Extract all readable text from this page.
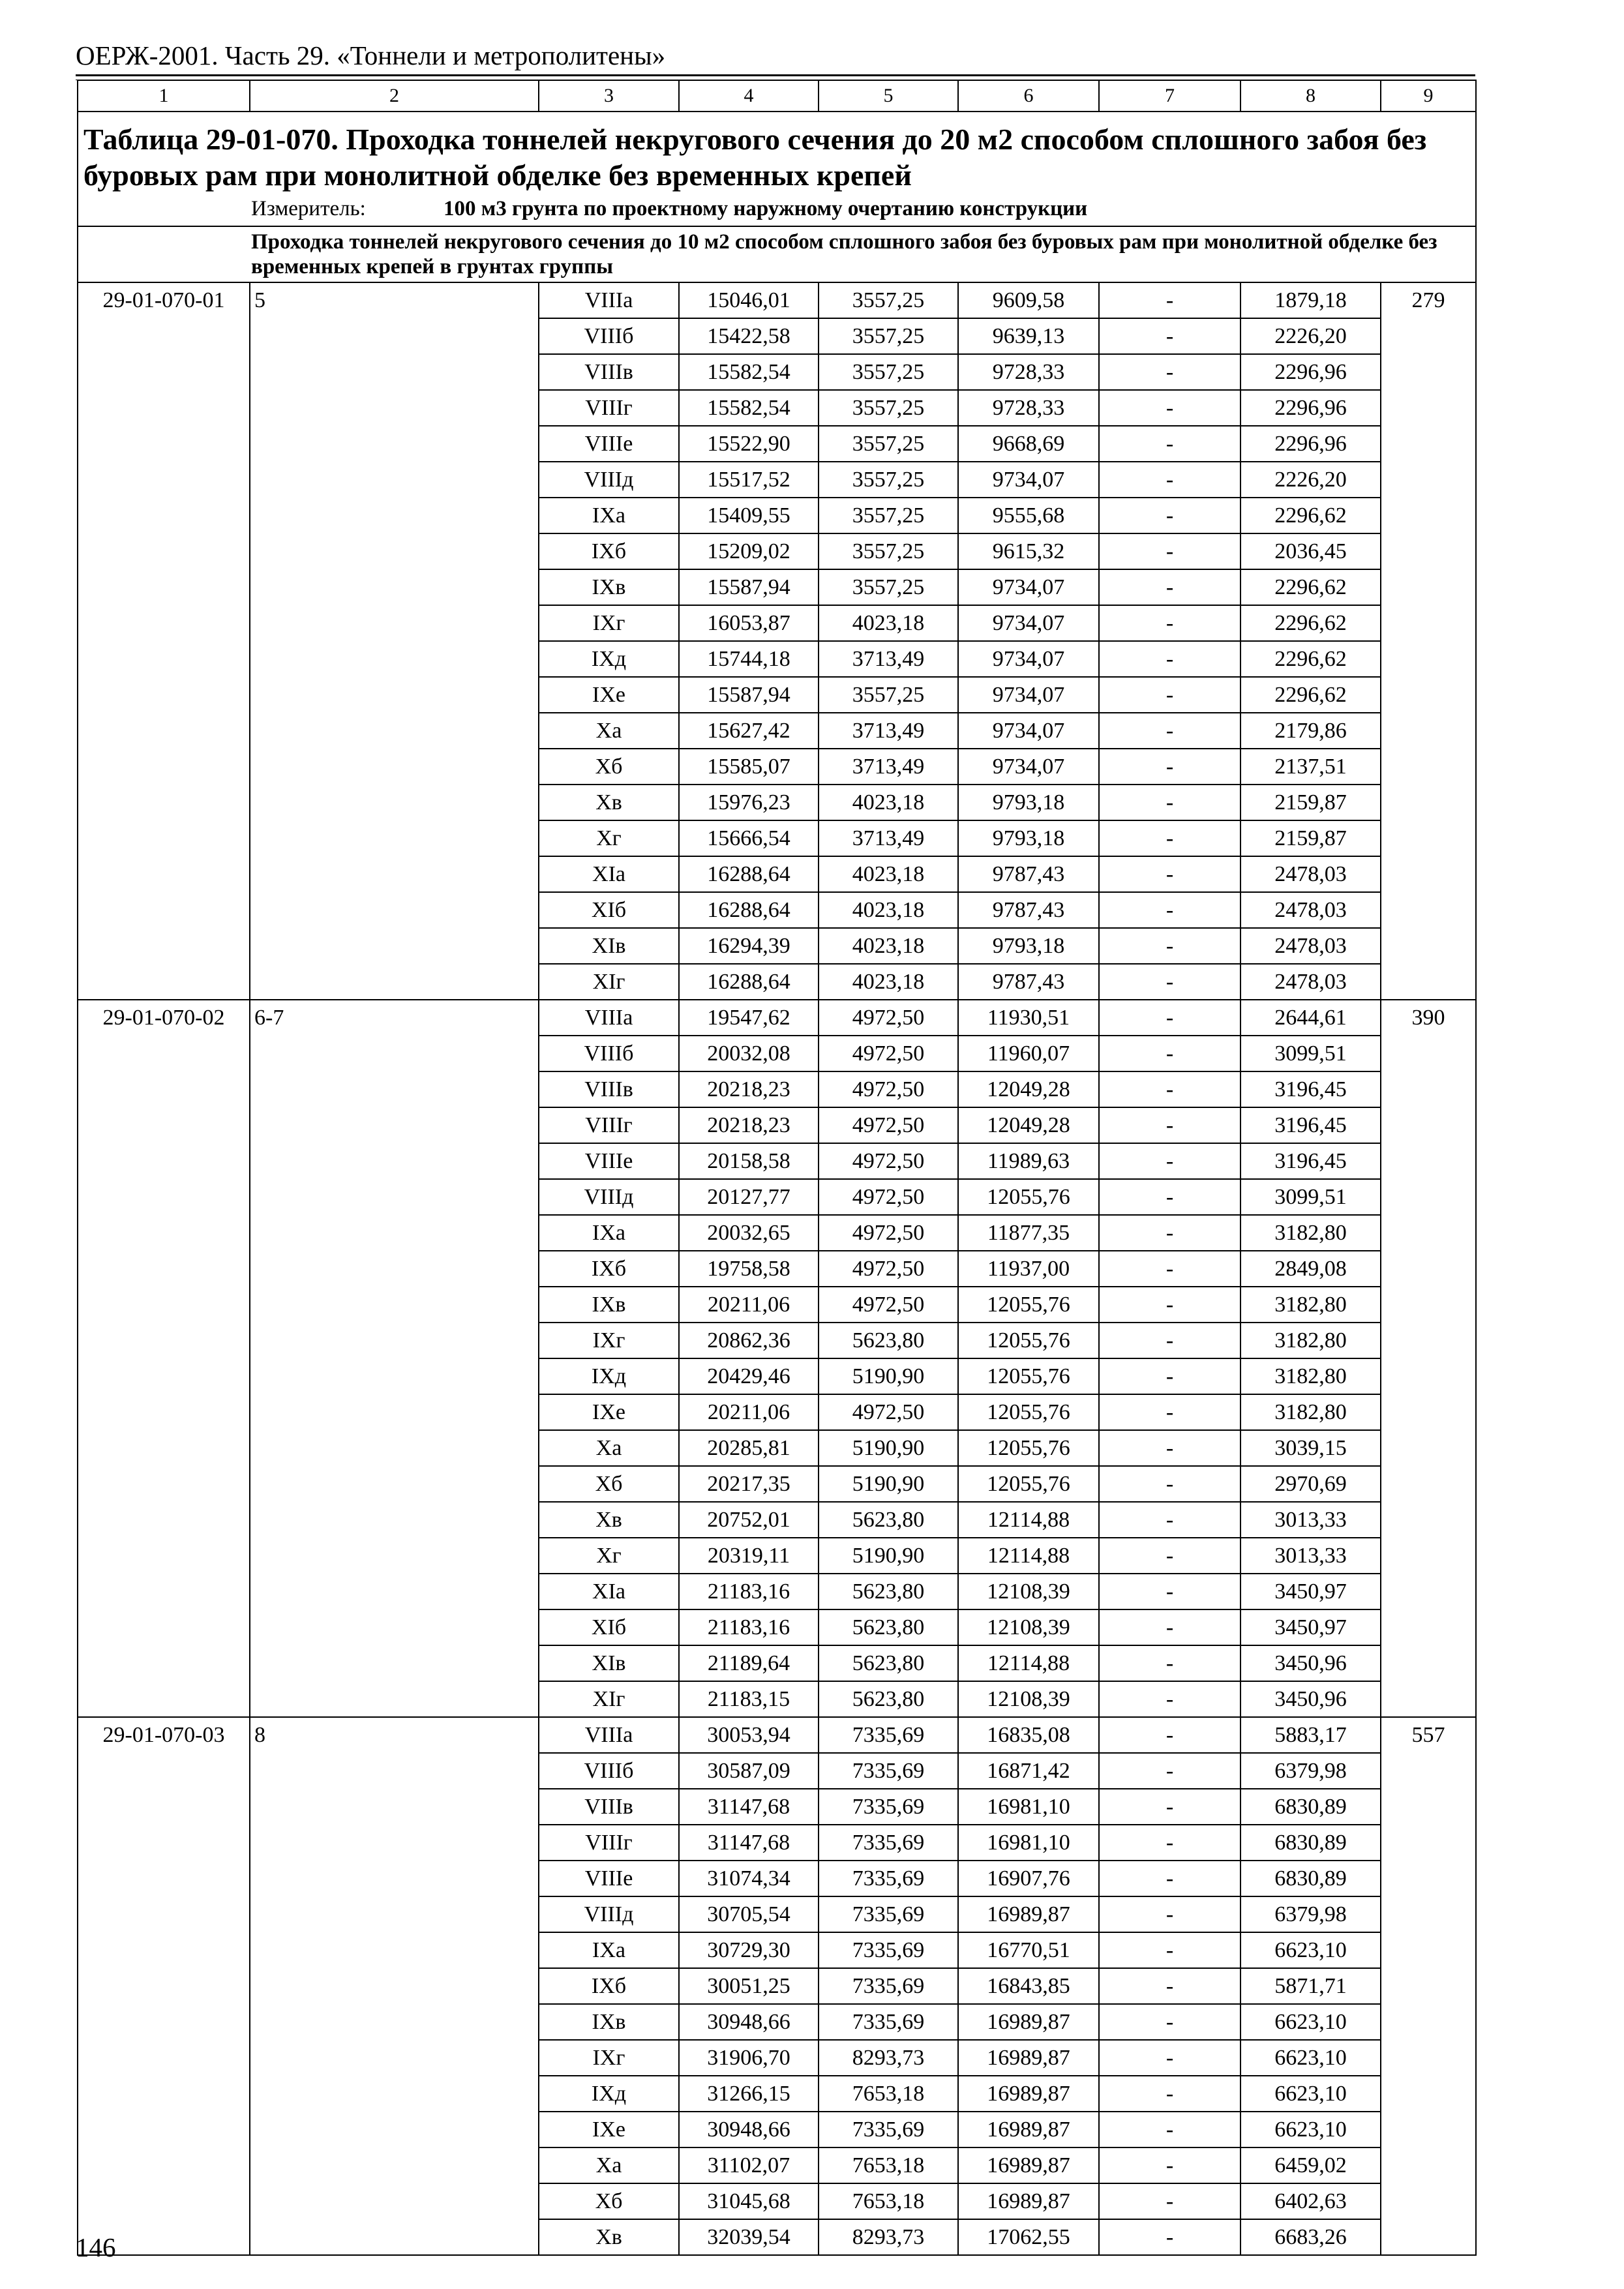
ОЕРЖ-2001. Часть 29. «Тоннели и метрополитены»
1	2	3	4	5	6	7	8	9

Таблица 29-01-070. Проходка тоннелей некругового сечения до 20 м2 способом сплошного забоя без буровых рам при монолитной обделке без временных крепей
Измеритель: 100 м3 грунта по проектному наружному очертанию конструкции								

Проходка тоннелей некругового сечения до 10 м2 способом сплошного забоя без буровых рам при монолитной обделке без временных крепей в грунтах группы								
29-01-070-01	5	VIIIа	15046,01	3557,25	9609,58	-	1879,18	279
		VIIIб	15422,58	3557,25	9639,13	-	2226,20	
		VIIIв	15582,54	3557,25	9728,33	-	2296,96	
		VIIIг	15582,54	3557,25	9728,33	-	2296,96	
		VIIIе	15522,90	3557,25	9668,69	-	2296,96	
		VIIIд	15517,52	3557,25	9734,07	-	2226,20	
		IXа	15409,55	3557,25	9555,68	-	2296,62	
		IXб	15209,02	3557,25	9615,32	-	2036,45	
		IXв	15587,94	3557,25	9734,07	-	2296,62	
		IXг	16053,87	4023,18	9734,07	-	2296,62	
		IXд	15744,18	3713,49	9734,07	-	2296,62	
		IXе	15587,94	3557,25	9734,07	-	2296,62	
		Xа	15627,42	3713,49	9734,07	-	2179,86	
		Xб	15585,07	3713,49	9734,07	-	2137,51	
		Xв	15976,23	4023,18	9793,18	-	2159,87	
		Xг	15666,54	3713,49	9793,18	-	2159,87	
		XIа	16288,64	4023,18	9787,43	-	2478,03	
		XIб	16288,64	4023,18	9787,43	-	2478,03	
		XIв	16294,39	4023,18	9793,18	-	2478,03	
		XIг	16288,64	4023,18	9787,43	-	2478,03	
29-01-070-02	6-7	VIIIа	19547,62	4972,50	11930,51	-	2644,61	390
		VIIIб	20032,08	4972,50	11960,07	-	3099,51	
		VIIIв	20218,23	4972,50	12049,28	-	3196,45	
		VIIIг	20218,23	4972,50	12049,28	-	3196,45	
		VIIIе	20158,58	4972,50	11989,63	-	3196,45	
		VIIIд	20127,77	4972,50	12055,76	-	3099,51	
		IXа	20032,65	4972,50	11877,35	-	3182,80	
		IXб	19758,58	4972,50	11937,00	-	2849,08	
		IXв	20211,06	4972,50	12055,76	-	3182,80	
		IXг	20862,36	5623,80	12055,76	-	3182,80	
		IXд	20429,46	5190,90	12055,76	-	3182,80	
		IXе	20211,06	4972,50	12055,76	-	3182,80	
		Xа	20285,81	5190,90	12055,76	-	3039,15	
		Xб	20217,35	5190,90	12055,76	-	2970,69	
		Xв	20752,01	5623,80	12114,88	-	3013,33	
		Xг	20319,11	5190,90	12114,88	-	3013,33	
		XIа	21183,16	5623,80	12108,39	-	3450,97	
		XIб	21183,16	5623,80	12108,39	-	3450,97	
		XIв	21189,64	5623,80	12114,88	-	3450,96	
		XIг	21183,15	5623,80	12108,39	-	3450,96	
29-01-070-03	8	VIIIа	30053,94	7335,69	16835,08	-	5883,17	557
		VIIIб	30587,09	7335,69	16871,42	-	6379,98	
		VIIIв	31147,68	7335,69	16981,10	-	6830,89	
		VIIIг	31147,68	7335,69	16981,10	-	6830,89	
		VIIIе	31074,34	7335,69	16907,76	-	6830,89	
		VIIIд	30705,54	7335,69	16989,87	-	6379,98	
		IXа	30729,30	7335,69	16770,51	-	6623,10	
		IXб	30051,25	7335,69	16843,85	-	5871,71	
		IXв	30948,66	7335,69	16989,87	-	6623,10	
		IXг	31906,70	8293,73	16989,87	-	6623,10	
		IXд	31266,15	7653,18	16989,87	-	6623,10	
		IXе	30948,66	7335,69	16989,87	-	6623,10	
		Xа	31102,07	7653,18	16989,87	-	6459,02	
		Xб	31045,68	7653,18	16989,87	-	6402,63	
		Xв	32039,54	8293,73	17062,55	-	6683,26	
146
